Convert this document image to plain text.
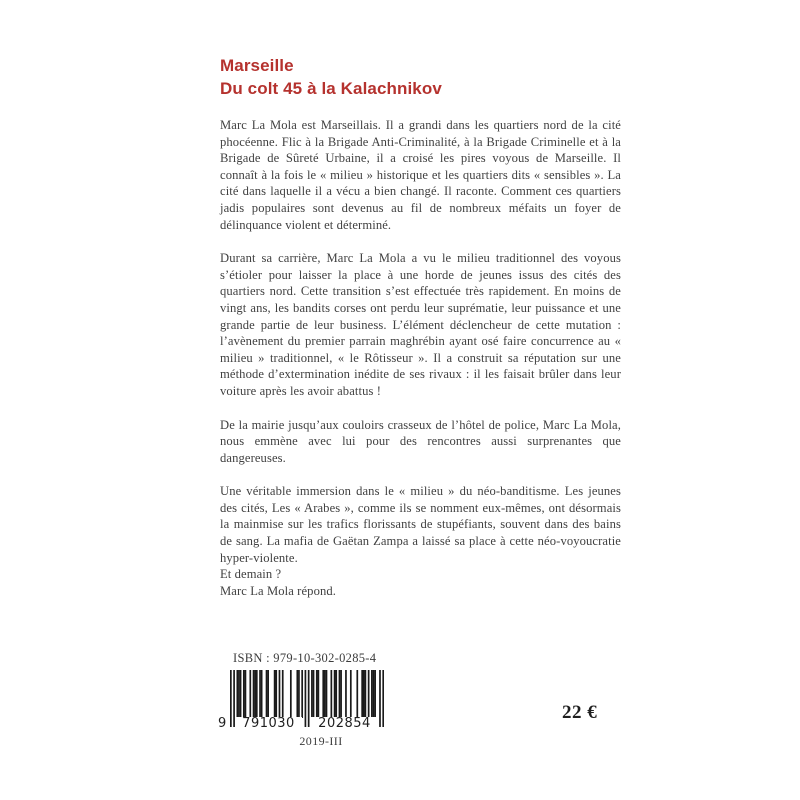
Marseille
Du colt 45 à la Kalachnikov

Marc La Mola est Marseillais. Il a grandi dans les quartiers nord de la cité phocéenne. Flic à la Brigade Anti-Criminalité, à la Brigade Criminelle et à la Brigade de Sûreté Urbaine, il a croisé les pires voyous de Marseille. Il connaît à la fois le « milieu » historique et les quartiers dits « sensibles ». La cité dans laquelle il a vécu a bien changé. Il raconte. Comment ces quartiers jadis populaires sont devenus au fil de nombreux méfaits un foyer de délinquance violent et déterminé.

Durant sa carrière, Marc La Mola a vu le milieu traditionnel des voyous s’étioler pour laisser la place à une horde de jeunes issus des cités des quartiers nord. Cette transition s’est effectuée très rapidement. En moins de vingt ans, les bandits corses ont perdu leur suprématie, leur puissance et une grande partie de leur business. L’élément déclencheur de cette mutation : l’avènement du premier parrain maghrébin ayant osé faire concurrence au « milieu » traditionnel, « le Rôtisseur ». Il a construit sa réputation sur une méthode d’extermination inédite de ses rivaux : il les faisait brûler dans leur voiture après les avoir abattus !

De la mairie jusqu’aux couloirs crasseux de l’hôtel de police, Marc La Mola, nous emmène avec lui pour des rencontres aussi surprenantes que dangereuses.

Une véritable immersion dans le « milieu » du néo-banditisme. Les jeunes des cités, Les « Arabes », comme ils se nomment eux-mêmes, ont désormais la mainmise sur les trafics florissants de stupéfiants, souvent dans des bains de sang. La mafia de Gaëtan Zampa a laissé sa place à cette néo-voyoucratie hyper-violente.

Et demain ?

Marc La Mola répond.

ISBN : 979-10-302-0285-4
9	791030	202854
2019-III
22 €
